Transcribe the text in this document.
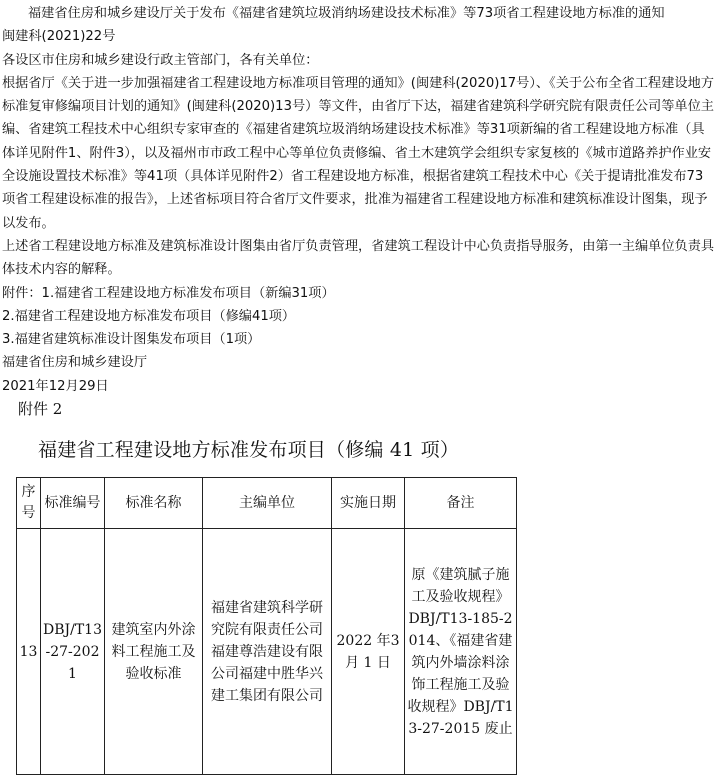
福建省住房和城乡建设厅关于发布《福建省建筑垃圾消纳场建设技术标准》等73项省工程建设地方标准的通知

闽建科(2021)22号

各设区市住房和城乡建设行政主管部门，各有关单位：

根据省厅《关于进一步加强福建省工程建设地方标准项目管理的通知》(闽建科(2020)17号）、《关于公布全省工程建设地方标准复审修编项目计划的通知》(闽建科(2020)13号）等文件，由省厅下达，福建省建筑科学研究院有限责任公司等单位主编、省建筑工程技术中心组织专家审查的《福建省建筑垃圾消纳场建设技术标准》等31项新编的省工程建设地方标准（具体详见附件1、附件3），以及福州市市政工程中心等单位负责修编、省土木建筑学会组织专家复核的《城市道路养护作业安全设施设置技术标准》等41项（具体详见附件2）省工程建设地方标准，根据省建筑工程技术中心《关于提请批准发布73项省工程建设标准的报告》，上述省标项目符合省厅文件要求，批准为福建省工程建设地方标准和建筑标准设计图集，现予以发布。

上述省工程建设地方标准及建筑标准设计图集由省厅负责管理，省建筑工程设计中心负责指导服务，由第一主编单位负责具体技术内容的解释。

附件：1.福建省工程建设地方标准发布项目（新编31项）

2.福建省工程建设地方标准发布项目（修编41项）

3.福建省建筑标准设计图集发布项目（1项）

福建省住房和城乡建设厅

2021年12月29日

附件 2
福建省工程建设地方标准发布项目（修编 41 项）
序号	标准编号	标准名称	主编单位	实施日期	备注
13	DBJ/T13-27-2021	建筑室内外涂料工程施工及验收标准	福建省建筑科学研究院有限责任公司福建尊浩建设有限公司福建中胜华兴建工集团有限公司	2022 年3 月 1 日	原《建筑腻子施工及验收规程》DBJ/T13-185-2014、《福建省建筑内外墙涂料涂饰工程施工及验收规程》DBJ/T13-27-2015 废止
